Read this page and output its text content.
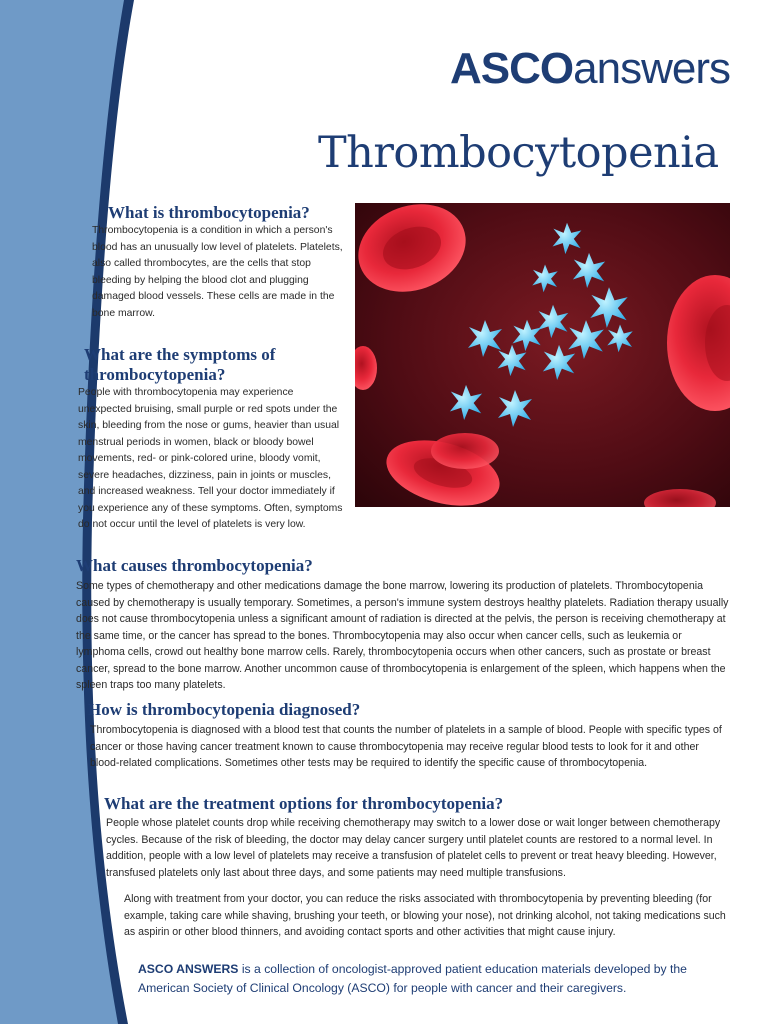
ASCOanswers
Thrombocytopenia
What is thrombocytopenia?

Thrombocytopenia is a condition in which a person's blood has an unusually low level of platelets. Platelets, also called thrombocytes, are the cells that stop bleeding by helping the blood clot and plugging damaged blood vessels. These cells are made in the bone marrow.

What are the symptoms of thrombocytopenia?

People with thrombocytopenia may experience unexpected bruising, small purple or red spots under the skin, bleeding from the nose or gums, heavier than usual menstrual periods in women, black or bloody bowel movements, red- or pink-colored urine, bloody vomit, severe headaches, dizziness, pain in joints or muscles, and increased weakness. Tell your doctor immediately if you experience any of these symptoms. Often, symptoms do not occur until the level of platelets is very low.

What causes thrombocytopenia?

Some types of chemotherapy and other medications damage the bone marrow, lowering its production of platelets. Thrombocytopenia caused by chemotherapy is usually temporary. Sometimes, a person's immune system destroys healthy platelets. Radiation therapy usually does not cause thrombocytopenia unless a significant amount of radiation is directed at the pelvis, the person is receiving chemotherapy at the same time, or the cancer has spread to the bones. Thrombocytopenia may also occur when cancer cells, such as leukemia or lymphoma cells, crowd out healthy bone marrow cells. Rarely, thrombocytopenia occurs when other cancers, such as prostate or breast cancer, spread to the bone marrow. Another uncommon cause of thrombocytopenia is enlargement of the spleen, which happens when the spleen traps too many platelets.

How is thrombocytopenia diagnosed?

Thrombocytopenia is diagnosed with a blood test that counts the number of platelets in a sample of blood. People with specific types of cancer or those having cancer treatment known to cause thrombocytopenia may receive regular blood tests to look for it and other blood-related complications. Sometimes other tests may be required to identify the specific cause of thrombocytopenia.

What are the treatment options for thrombocytopenia?

People whose platelet counts drop while receiving chemotherapy may switch to a lower dose or wait longer between chemotherapy cycles. Because of the risk of bleeding, the doctor may delay cancer surgery until platelet counts are restored to a normal level. In addition, people with a low level of platelets may receive a transfusion of platelet cells to prevent or treat heavy bleeding. However, transfused platelets only last about three days, and some patients may need multiple transfusions.

Along with treatment from your doctor, you can reduce the risks associated with thrombocytopenia by preventing bleeding (for example, taking care while shaving, brushing your teeth, or blowing your nose), not drinking alcohol, not taking medications such as aspirin or other blood thinners, and avoiding contact sports and other activities that might cause injury.

ASCO ANSWERS is a collection of oncologist-approved patient education materials developed by the American Society of Clinical Oncology (ASCO) for people with cancer and their caregivers.
